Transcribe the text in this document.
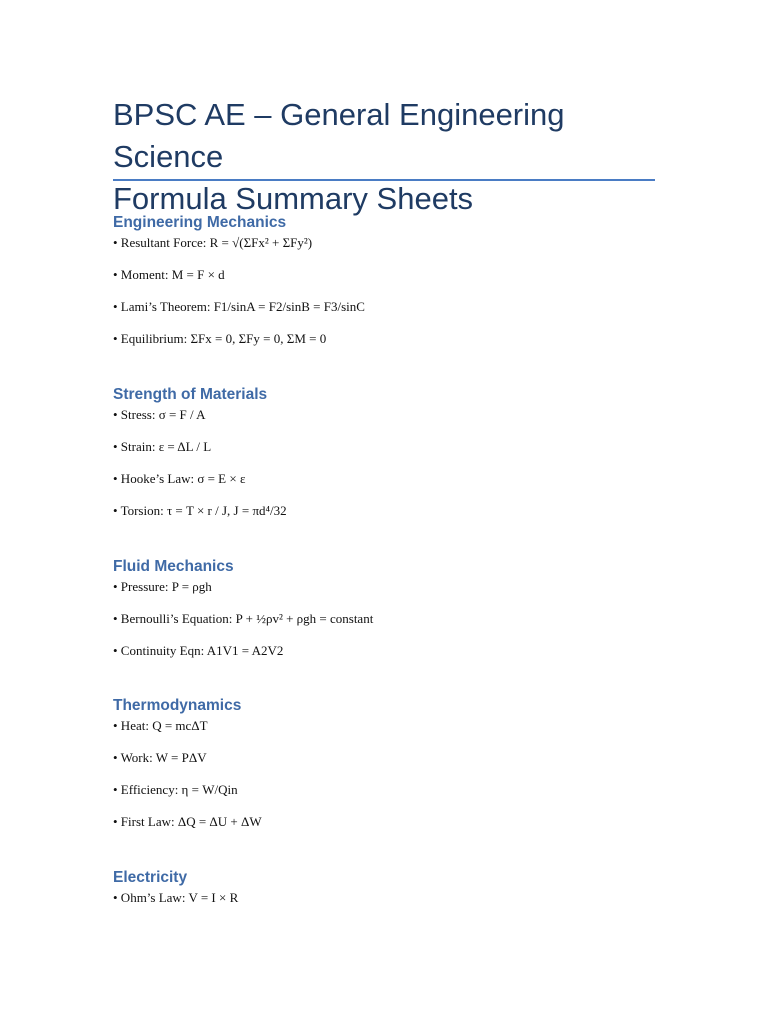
BPSC AE – General Engineering Science
Formula Summary Sheets
Engineering Mechanics
• Resultant Force: R = √(ΣFx² + ΣFy²)
• Moment: M = F × d
• Lami’s Theorem: F1/sinA = F2/sinB = F3/sinC
• Equilibrium: ΣFx = 0, ΣFy = 0, ΣM = 0
Strength of Materials
• Stress: σ = F / A
• Strain: ε = ΔL / L
• Hooke’s Law: σ = E × ε
• Torsion: τ = T × r / J, J = πd⁴/32
Fluid Mechanics
• Pressure: P = ρgh
• Bernoulli’s Equation: P + ½ρv² + ρgh = constant
• Continuity Eqn: A1V1 = A2V2
Thermodynamics
• Heat: Q = mcΔT
• Work: W = PΔV
• Efficiency: η = W/Qin
• First Law: ΔQ = ΔU + ΔW
Electricity
• Ohm’s Law: V = I × R
